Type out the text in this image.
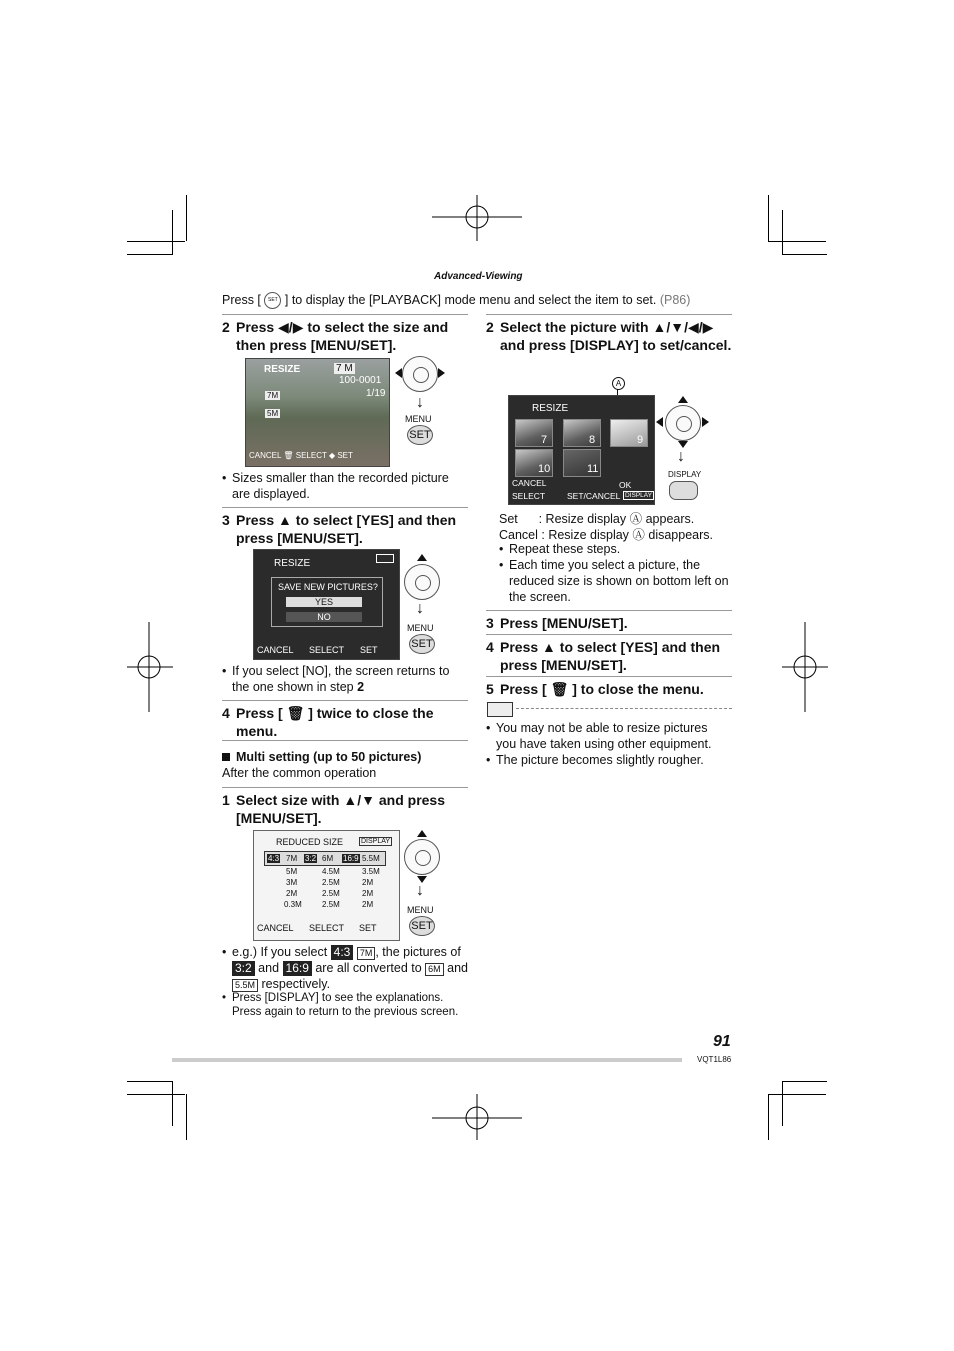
Advanced-Viewing
Press [ SET ] to display the [PLAYBACK] mode menu and select the item to set. (P86)
2 Press ◀/▶ to select the size and then press [MENU/SET].
RESIZE	7 M
100-0001
1/19
7M
5M
CANCEL 🗑 SELECT ◆ SET
↓
MENU
SET
• Sizes smaller than the recorded picture are displayed.
3 Press ▲ to select [YES] and then press [MENU/SET].
RESIZE
SAVE NEW PICTURES?
YES
NO
CANCEL SELECT SET
↓
MENU
SET
• If you select [NO], the screen returns to the one shown in step 2
4 Press [ 🗑 ] twice to close the menu.
Multi setting (up to 50 pictures)
After the common operation
1 Select size with ▲/▼ and press [MENU/SET].
REDUCED SIZE	DISPLAY
4:3 7M 3:2 6M 16:9 5.5M
5M	4.5M	3.5M
3M	2.5M	2M
2M	2.5M	2M
0.3M	2.5M	2M
CANCEL SELECT SET
↓
MENU
SET
• e.g.) If you select 4:3 7M , the pictures of 3:2 and 16:9 are all converted to 6M and 5.5M respectively.
• Press [DISPLAY] to see the explanations. Press again to return to the previous screen.
2 Select the picture with ▲/▼/◀/▶ and press [DISPLAY] to set/cancel.
A
RESIZE
7	8	9
10	11
CANCEL	OK
SELECT	SET/CANCEL DISPLAY
↓
DISPLAY
Set      : Resize display Ⓐ appears.
Cancel : Resize display Ⓐ disappears.
• Repeat these steps.
• Each time you select a picture, the reduced size is shown on bottom left on the screen.
3 Press [MENU/SET].
4 Press ▲ to select [YES] and then press [MENU/SET].
5 Press [ 🗑 ] to close the menu.
• You may not be able to resize pictures you have taken using other equipment.
• The picture becomes slightly rougher.
91
VQT1L86
